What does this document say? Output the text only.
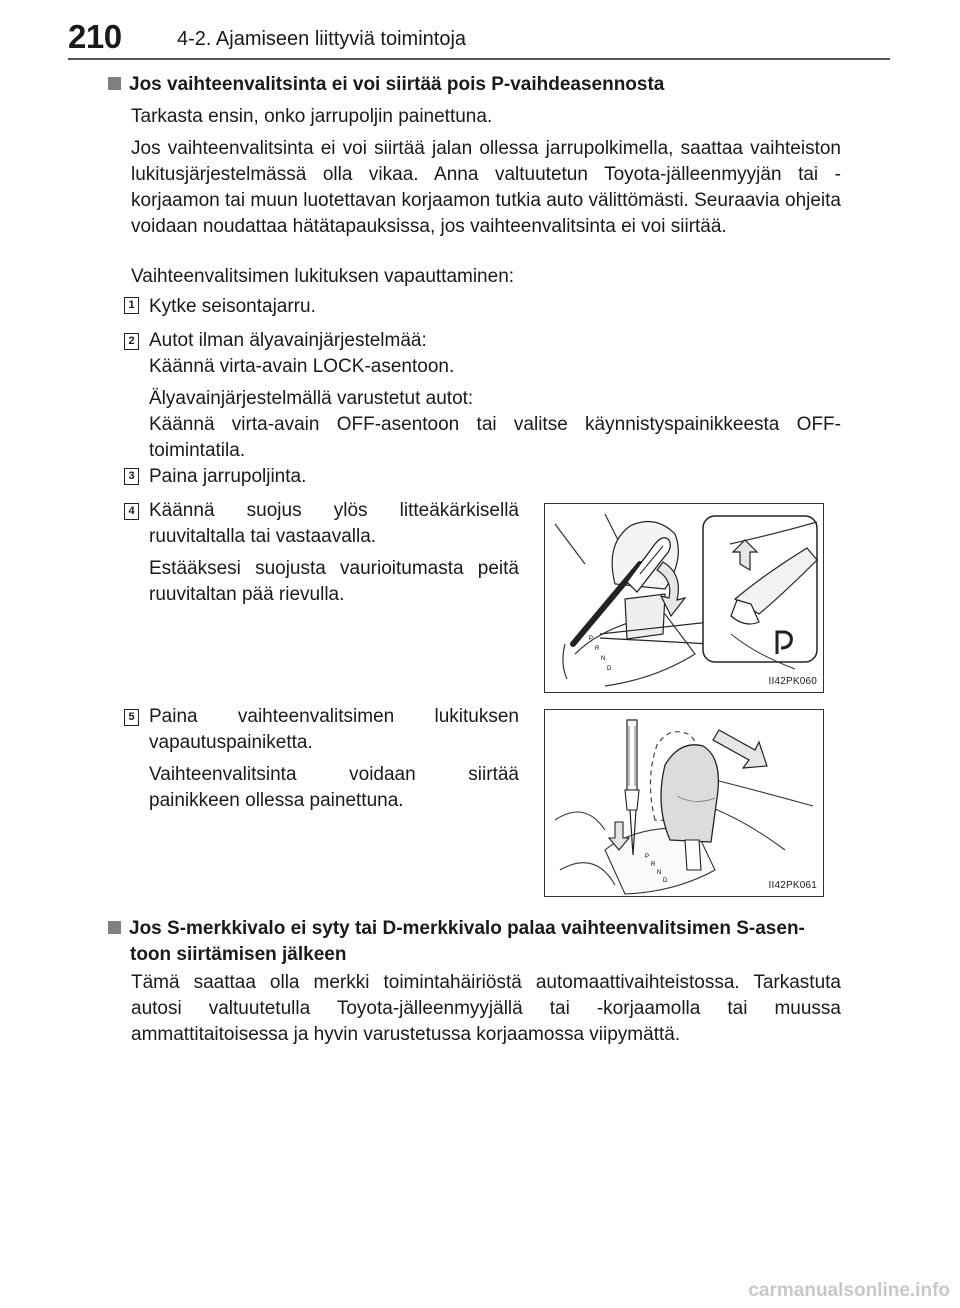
210	4-2. Ajamiseen liittyviä toimintoja
Jos vaihteenvalitsinta ei voi siirtää pois P-vaihdeasennosta
Tarkasta ensin, onko jarrupoljin painettuna.
Jos vaihteenvalitsinta ei voi siirtää jalan ollessa jarrupolkimella, saattaa vaihteiston lukitusjärjestelmässä olla vikaa. Anna valtuutetun Toyota-jälleenmyyjän tai -korjaamon tai muun luotettavan korjaamon tutkia auto välittömästi. Seuraavia ohjeita voidaan noudattaa hätätapauksissa, jos vaihteenvalitsinta ei voi siirtää.
Vaihteenvalitsimen lukituksen vapauttaminen:
1 Kytke seisontajarru.
2 Autot ilman älyavainjärjestelmää:
Käännä virta-avain LOCK-asentoon.
Älyavainjärjestelmällä varustetut autot:
Käännä virta-avain OFF-asentoon tai valitse käynnistyspainikkeesta OFF-toimintatila.
3 Paina jarrupoljinta.
4 Käännä suojus ylös litteäkärkisellä ruuvitaltalla tai vastaavalla.
Estääksesi suojusta vaurioitumasta peitä ruuvitaltan pää rievulla.
P
R
N
D
II42PK060
5 Paina vaihteenvalitsimen lukituksen vapautuspainiketta.
Vaihteenvalitsinta voidaan siirtää painikkeen ollessa painettuna.
P
R
N
D	II42PK061
Jos S-merkkivalo ei syty tai D-merkkivalo palaa vaihteenvalitsimen S-asen-
toon siirtämisen jälkeen
Tämä saattaa olla merkki toimintahäiriöstä automaattivaihteistossa. Tarkastuta autosi valtuutetulla Toyota-jälleenmyyjällä tai -korjaamolla tai muussa ammattitaitoisessa ja hyvin varustetussa korjaamossa viipymättä.
carmanualsonline.info
